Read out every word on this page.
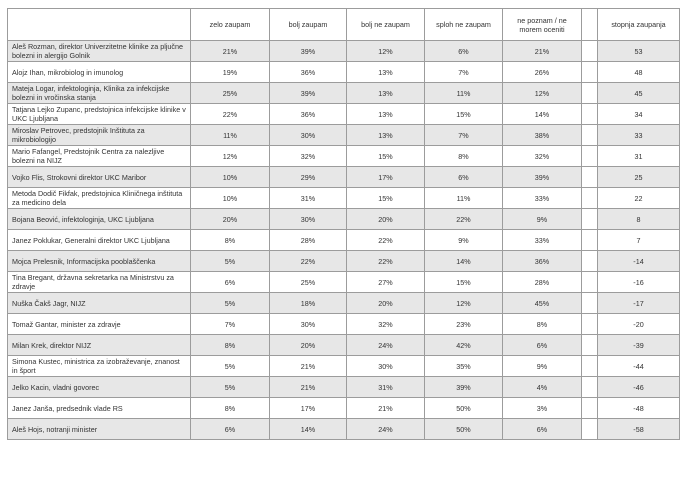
	zelo zaupam	bolj zaupam	bolj ne zaupam	sploh ne zaupam	ne poznam / ne morem oceniti		stopnja zaupanja
Aleš Rozman, direktor Univerzitetne klinike za pljučne bolezni in alergijo Golnik	21%	39%	12%	6%	21%		53
Alojz Ihan, mikrobiolog in imunolog	19%	36%	13%	7%	26%		48
Mateja Logar, infektologinja, Klinika za infekcijske bolezni in vročinska stanja	25%	39%	13%	11%	12%		45
Tatjana Lejko Zupanc, predstojnica infekcijske klinike v UKC Ljubljana	22%	36%	13%	15%	14%		34
Miroslav Petrovec, predstojnik Inštituta za mikrobiologijo	11%	30%	13%	7%	38%		33
Mario Fafangel, Predstojnik Centra za nalezljive bolezni na NIJZ	12%	32%	15%	8%	32%		31
Vojko Flis, Strokovni direktor UKC Maribor	10%	29%	17%	6%	39%		25
Metoda Dodič Fikfak, predstojnica Kliničnega inštituta za medicino dela	10%	31%	15%	11%	33%		22
Bojana Beović, infektologinja, UKC Ljubljana	20%	30%	20%	22%	9%		8
Janez Poklukar, Generalni direktor UKC Ljubljana	8%	28%	22%	9%	33%		7
Mojca Prelesnik, Informacijska pooblaščenka	5%	22%	22%	14%	36%		-14
Tina Bregant, državna sekretarka na Ministrstvu za zdravje	6%	25%	27%	15%	28%		-16
Nuška Čakš Jagr, NIJZ	5%	18%	20%	12%	45%		-17
Tomaž Gantar, minister za zdravje	7%	30%	32%	23%	8%		-20
Milan Krek, direktor NIJZ	8%	20%	24%	42%	6%		-39
Simona Kustec, ministrica za izobraževanje, znanost in šport	5%	21%	30%	35%	9%		-44
Jelko Kacin, vladni govorec	5%	21%	31%	39%	4%		-46
Janez Janša, predsednik vlade RS	8%	17%	21%	50%	3%		-48
Aleš Hojs, notranji minister	6%	14%	24%	50%	6%		-58
